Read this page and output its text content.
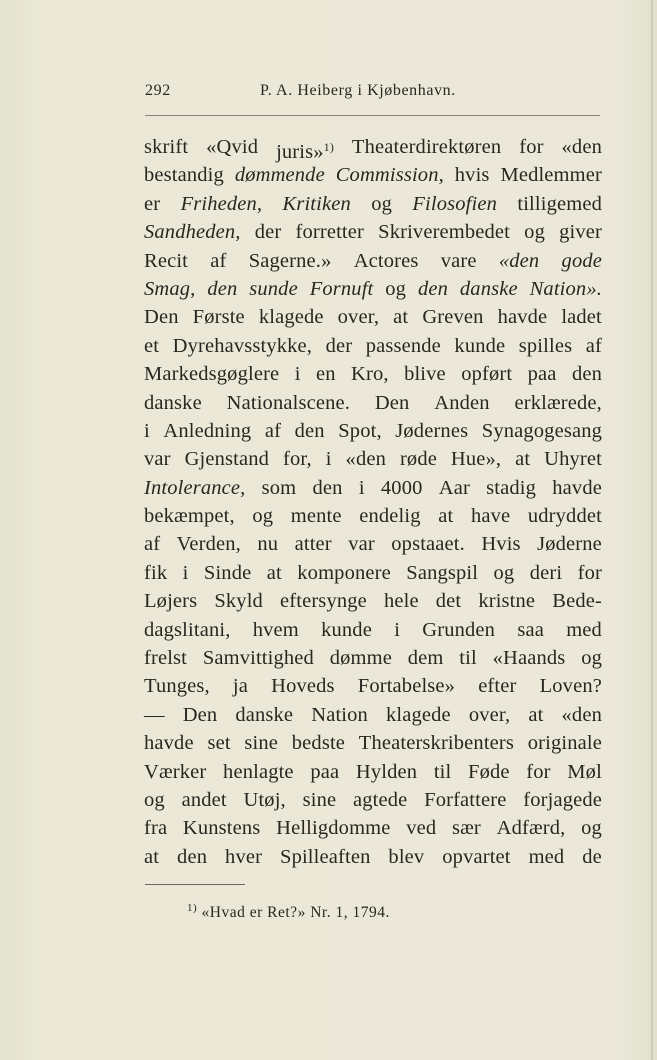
292	P. A. Heiberg i Kjøbenhavn.
skrift «Qvid juris»$^{1)}$ Theaterdirektøren for «den
bestandig dømmende Commission, hvis Medlemmer
er Friheden, Kritiken og Filosofien tilligemed
Sandheden, der forretter Skriverembedet og giver
Recit af Sagerne.» Actores vare «den gode
Smag, den sunde Fornuft og den danske Nation».
Den Første klagede over, at Greven havde ladet
et Dyrehavsstykke, der passende kunde spilles af
Markedsgøglere i en Kro, blive opført paa den
danske Nationalscene. Den Anden erklærede,
i Anledning af den Spot, Jødernes Synagogesang
var Gjenstand for, i «den røde Hue», at Uhyret
Intolerance, som den i 4000 Aar stadig havde
bekæmpet, og mente endelig at have udryddet
af Verden, nu atter var opstaaet. Hvis Jøderne
fik i Sinde at komponere Sangspil og deri for
Løjers Skyld eftersynge hele det kristne Bede-
dagslitani, hvem kunde i Grunden saa med
frelst Samvittighed dømme dem til «Haands og
Tunges, ja Hoveds Fortabelse» efter Loven?
— Den danske Nation klagede over, at «den
havde set sine bedste Theaterskribenters originale
Værker henlagte paa Hylden til Føde for Møl
og andet Utøj, sine agtede Forfattere forjagede
fra Kunstens Helligdomme ved sær Adfærd, og
at den hver Spilleaften blev opvartet med de
$^{1)}$ «Hvad er Ret?» Nr. 1, 1794.
